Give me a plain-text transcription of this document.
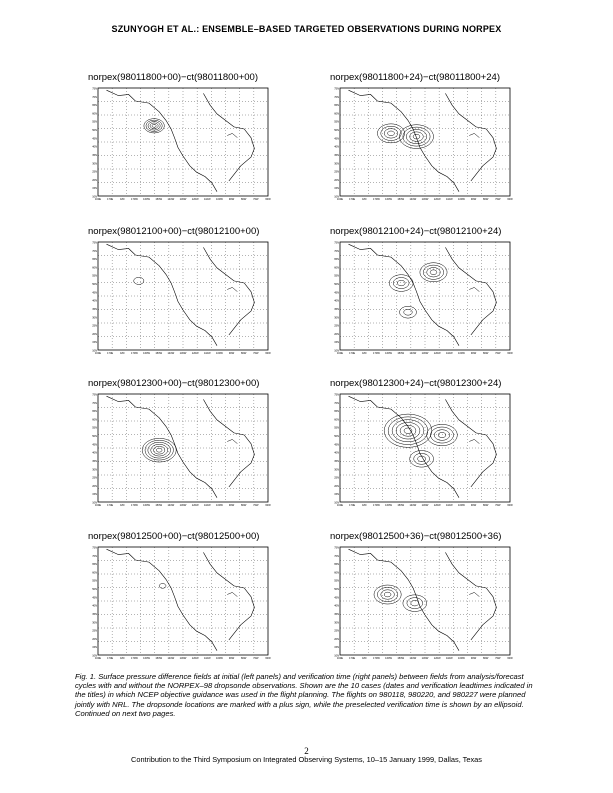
SZUNYOGH ET AL.: ENSEMBLE–BASED TARGETED OBSERVATIONS DURING NORPEX
norpex(98011800+00)−ct(98011800+00)
75N
70N
65N
60N
55N
50N
45N
40N
35N
30N
25N
20N
15N
10N
160E 170E	180	170W 160W 150W 140W 130W 120W 110W 100W 90W	80W	70W	60W
norpex(98011800+24)−ct(98011800+24)
75N
70N
65N
60N
55N
50N
45N
40N
35N
30N
25N
20N
15N
10N
160E 170E	180	170W 160W 150W 140W 130W 120W 110W 100W 90W	80W	70W	60W
norpex(98012100+00)−ct(98012100+00)
75N
70N
65N
60N
55N
50N
45N
40N
35N
30N
25N
20N
15N
10N
160E 170E	180	170W 160W 150W 140W 130W 120W 110W 100W 90W	80W	70W	60W
norpex(98012100+24)−ct(98012100+24)
75N
70N
65N
60N
55N
50N
45N
40N
35N
30N
25N
20N
15N
10N
160E 170E	180	170W 160W 150W 140W 130W 120W 110W 100W 90W	80W	70W	60W
norpex(98012300+00)−ct(98012300+00)
75N
70N
65N
60N
55N
50N
45N
40N
35N
30N
25N
20N
15N
10N
160E 170E	180	170W 160W 150W 140W 130W 120W 110W 100W 90W	80W	70W	60W
norpex(98012300+24)−ct(98012300+24)
75N
70N
65N
60N
55N
50N
45N
40N
35N
30N
25N
20N
15N
10N
160E 170E	180	170W 160W 150W 140W 130W 120W 110W 100W 90W	80W	70W	60W
norpex(98012500+00)−ct(98012500+00)
75N
70N
65N
60N
55N
50N
45N
40N
35N
30N
25N
20N
15N
10N
160E 170E	180	170W 160W 150W 140W 130W 120W 110W 100W 90W	80W	70W	60W
norpex(98012500+36)−ct(98012500+36)
75N
70N
65N
60N
55N
50N
45N
40N
35N
30N
25N
20N
15N
10N
160E 170E	180	170W 160W 150W 140W 130W 120W 110W 100W 90W	80W	70W	60W
Fig. 1. Surface pressure difference fields at initial (left panels) and verification time (right panels) between fields from analysis/forecast cycles with and without the NORPEX–98 dropsonde observations. Shown are the 10 cases (dates and verification leadtimes indicated in the titles) in which NCEP objective guidance was used in the flight planning. The flights on 980118, 980220, and 980227 were planned jointly with NRL. The dropsonde locations are marked with a plus sign, while the preselected verification time is shown by an ellipsoid. Continued on next two pages.
2
Contribution to the Third Symposium on Integrated Observing Systems, 10–15 January 1999, Dallas, Texas
